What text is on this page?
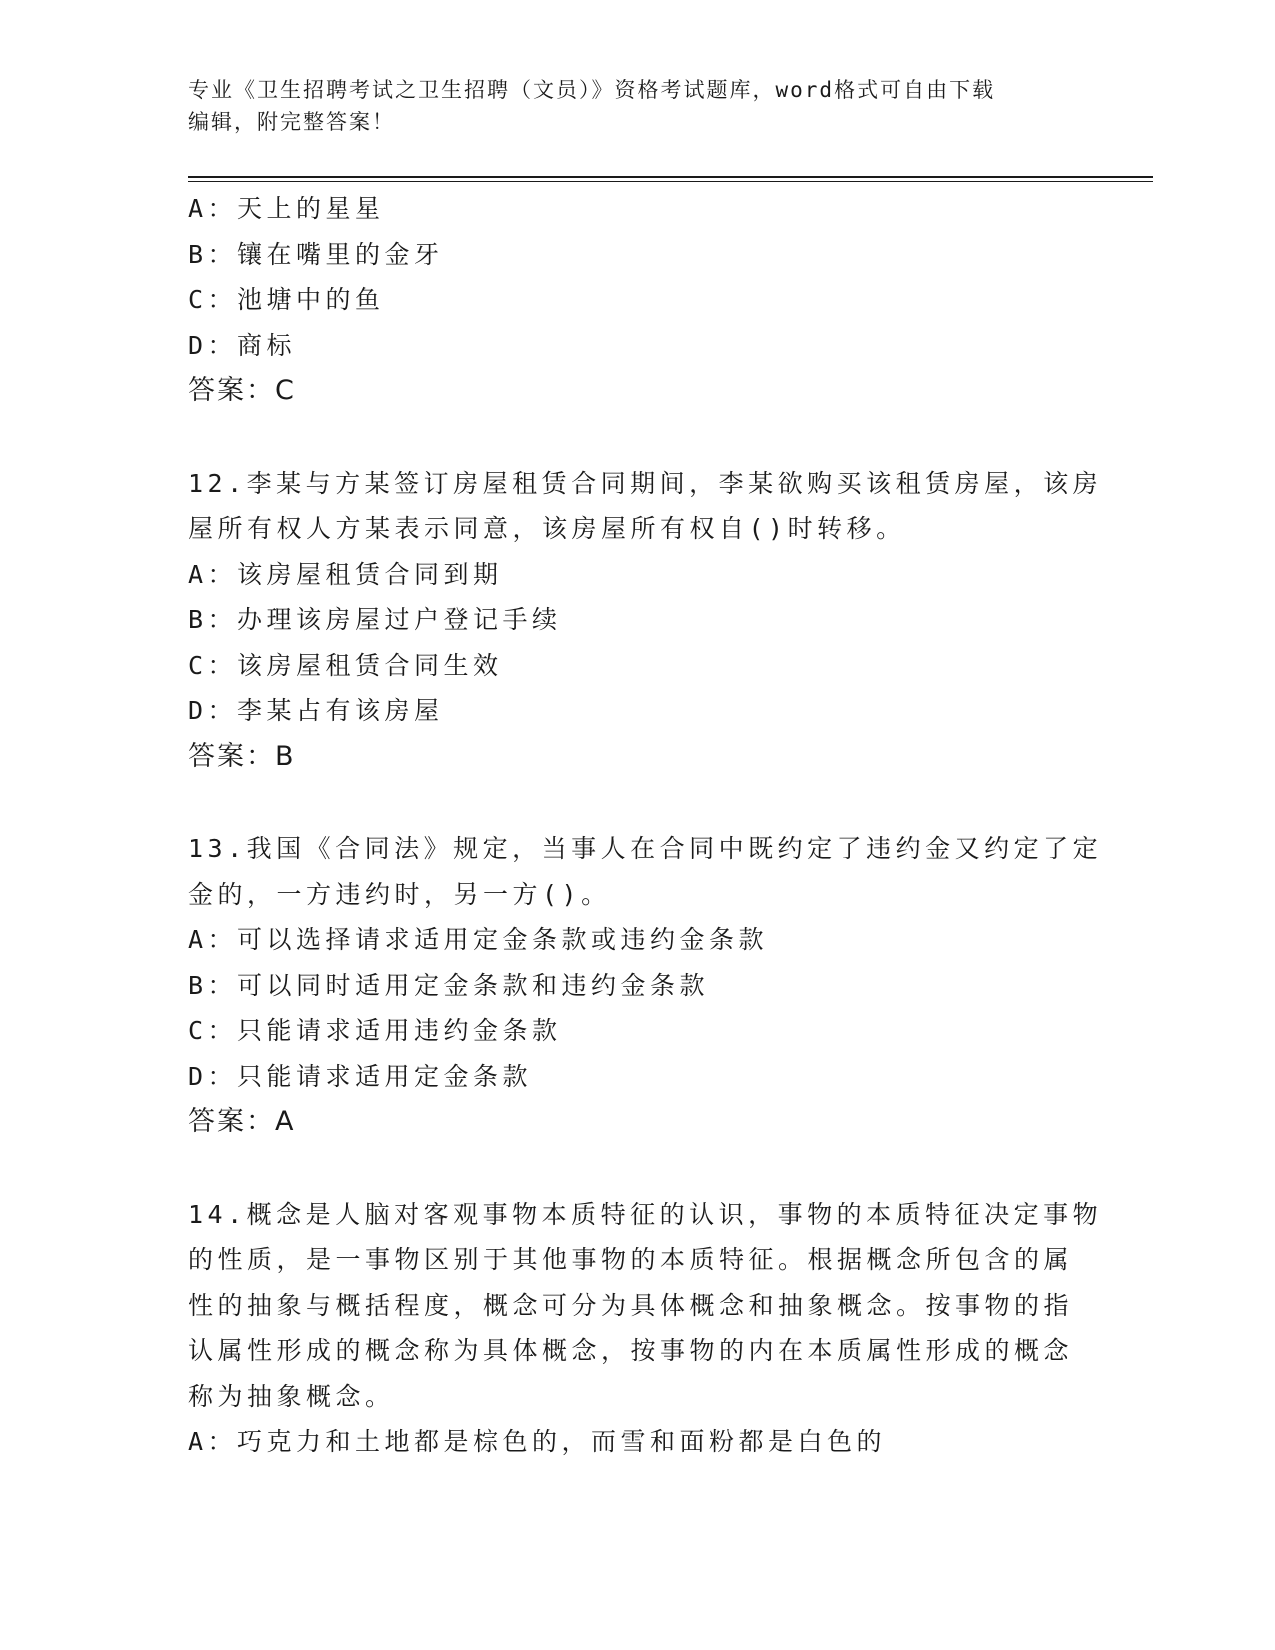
专业《卫生招聘考试之卫生招聘（文员）》资格考试题库，word格式可自由下载
编辑，附完整答案！
A：天上的星星
B：镶在嘴里的金牙
C：池塘中的鱼
D：商标
答案：C
12.李某与方某签订房屋租赁合同期间，李某欲购买该租赁房屋，该房
屋所有权人方某表示同意，该房屋所有权自()时转移。
A：该房屋租赁合同到期
B：办理该房屋过户登记手续
C：该房屋租赁合同生效
D：李某占有该房屋
答案：B
13.我国《合同法》规定，当事人在合同中既约定了违约金又约定了定
金的，一方违约时，另一方()。
A：可以选择请求适用定金条款或违约金条款
B：可以同时适用定金条款和违约金条款
C：只能请求适用违约金条款
D：只能请求适用定金条款
答案：A
14.概念是人脑对客观事物本质特征的认识，事物的本质特征决定事物
的性质，是一事物区别于其他事物的本质特征。根据概念所包含的属
性的抽象与概括程度，概念可分为具体概念和抽象概念。按事物的指
认属性形成的概念称为具体概念，按事物的内在本质属性形成的概念
称为抽象概念。
A：巧克力和土地都是棕色的，而雪和面粉都是白色的
